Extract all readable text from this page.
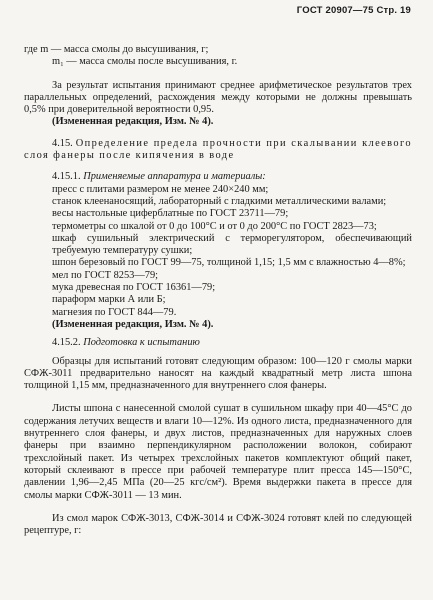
ГОСТ 20907—75 Стр. 19

где m — масса смолы до высушивания, г;

m₁ — масса смолы после высушивания, г.

За результат испытания принимают среднее арифметическое результатов трех параллельных определений, расхождения между которыми не должны превышать 0,5% при доверительной вероятности 0,95.

(Измененная редакция, Изм. № 4).

4.15. Определение предела прочности при скалывании клеевого слоя фанеры после кипячения в воде

4.15.1. Применяемые аппаратура и материалы:

пресс с плитами размером не менее 240×240 мм;

станок клеенаносящий, лабораторный с гладкими металлическими валами;

весы настольные циферблатные по ГОСТ 23711—79;

термометры со шкалой от 0 до 100°С и от 0 до 200°С по ГОСТ 2823—73;

шкаф сушильный электрический с терморегулятором, обеспечивающий требуемую температуру сушки;

шпон березовый по ГОСТ 99—75, толщиной 1,15; 1,5 мм с влажностью 4—8%;

мел по ГОСТ 8253—79;

мука древесная по ГОСТ 16361—79;

параформ марки А или Б;

магнезия по ГОСТ 844—79.

(Измененная редакция, Изм. № 4).

4.15.2. Подготовка к испытанию

Образцы для испытаний готовят следующим образом: 100—120 г смолы марки СФЖ-3011 предварительно наносят на каждый квадратный метр листа шпона толщиной 1,15 мм, предназначенного для внутреннего слоя фанеры.

Листы шпона с нанесенной смолой сушат в сушильном шкафу при 40—45°С до содержания летучих веществ и влаги 10—12%. Из одного листа, предназначенного для внутреннего слоя фанеры, и двух листов, предназначенных для наружных слоев фанеры при взаимно перпендикулярном расположении волокон, собирают трехслойный пакет. Из четырех трехслойных пакетов комплектуют общий пакет, который склеивают в прессе при рабочей температуре плит пресса 145—150°С, давлении 1,96—2,45 МПа (20—25 кгс/см²). Время выдержки пакета в прессе для смолы марки СФЖ-3011 — 13 мин.

Из смол марок СФЖ-3013, СФЖ-3014 и СФЖ-3024 готовят клей по следующей рецептуре, г:
